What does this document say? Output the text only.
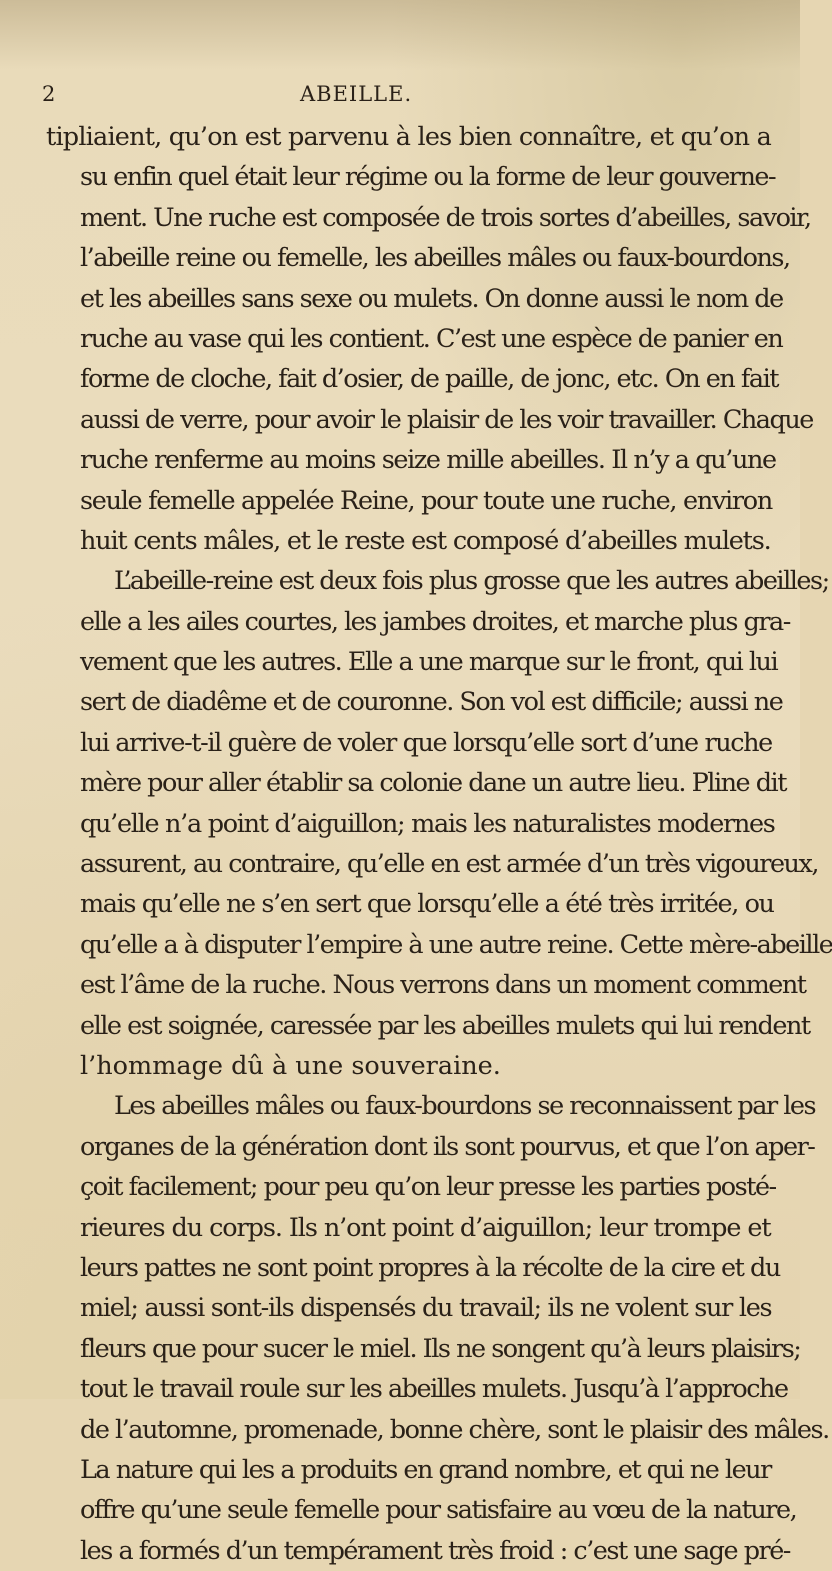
2	ABEILLE.
tipliaient, qu’on est parvenu à les bien connaître, et qu’on a
su enfin quel était leur régime ou la forme de leur gouverne-
ment. Une ruche est composée de trois sortes d’abeilles, savoir,
l’abeille reine ou femelle, les abeilles mâles ou faux-bourdons,
et les abeilles sans sexe ou mulets. On donne aussi le nom de
ruche au vase qui les contient. C’est une espèce de panier en
forme de cloche, fait d’osier, de paille, de jonc, etc. On en fait
aussi de verre, pour avoir le plaisir de les voir travailler. Chaque
ruche renferme au moins seize mille abeilles. Il n’y a qu’une
seule femelle appelée Reine, pour toute une ruche, environ
huit cents mâles, et le reste est composé d’abeilles mulets.
L’abeille-reine est deux fois plus grosse que les autres abeilles;
elle a les ailes courtes, les jambes droites, et marche plus gra-
vement que les autres. Elle a une marque sur le front, qui lui
sert de diadême et de couronne. Son vol est difficile; aussi ne
lui arrive-t-il guère de voler que lorsqu’elle sort d’une ruche
mère pour aller établir sa colonie dane un autre lieu. Pline dit
qu’elle n’a point d’aiguillon; mais les naturalistes modernes
assurent, au contraire, qu’elle en est armée d’un très vigoureux,
mais qu’elle ne s’en sert que lorsqu’elle a été très irritée, ou
qu’elle a à disputer l’empire à une autre reine. Cette mère-abeille
est l’âme de la ruche. Nous verrons dans un moment comment
elle est soignée, caressée par les abeilles mulets qui lui rendent
l’hommage dû à une souveraine.
Les abeilles mâles ou faux-bourdons se reconnaissent par les
organes de la génération dont ils sont pourvus, et que l’on aper-
çoit facilement; pour peu qu’on leur presse les parties posté-
rieures du corps. Ils n’ont point d’aiguillon; leur trompe et
leurs pattes ne sont point propres à la récolte de la cire et du
miel; aussi sont-ils dispensés du travail; ils ne volent sur les
fleurs que pour sucer le miel. Ils ne songent qu’à leurs plaisirs;
tout le travail roule sur les abeilles mulets. Jusqu’à l’approche
de l’automne, promenade, bonne chère, sont le plaisir des mâles.
La nature qui les a produits en grand nombre, et qui ne leur
offre qu’une seule femelle pour satisfaire au vœu de la nature,
les a formés d’un tempérament très froid : c’est une sage pré-
